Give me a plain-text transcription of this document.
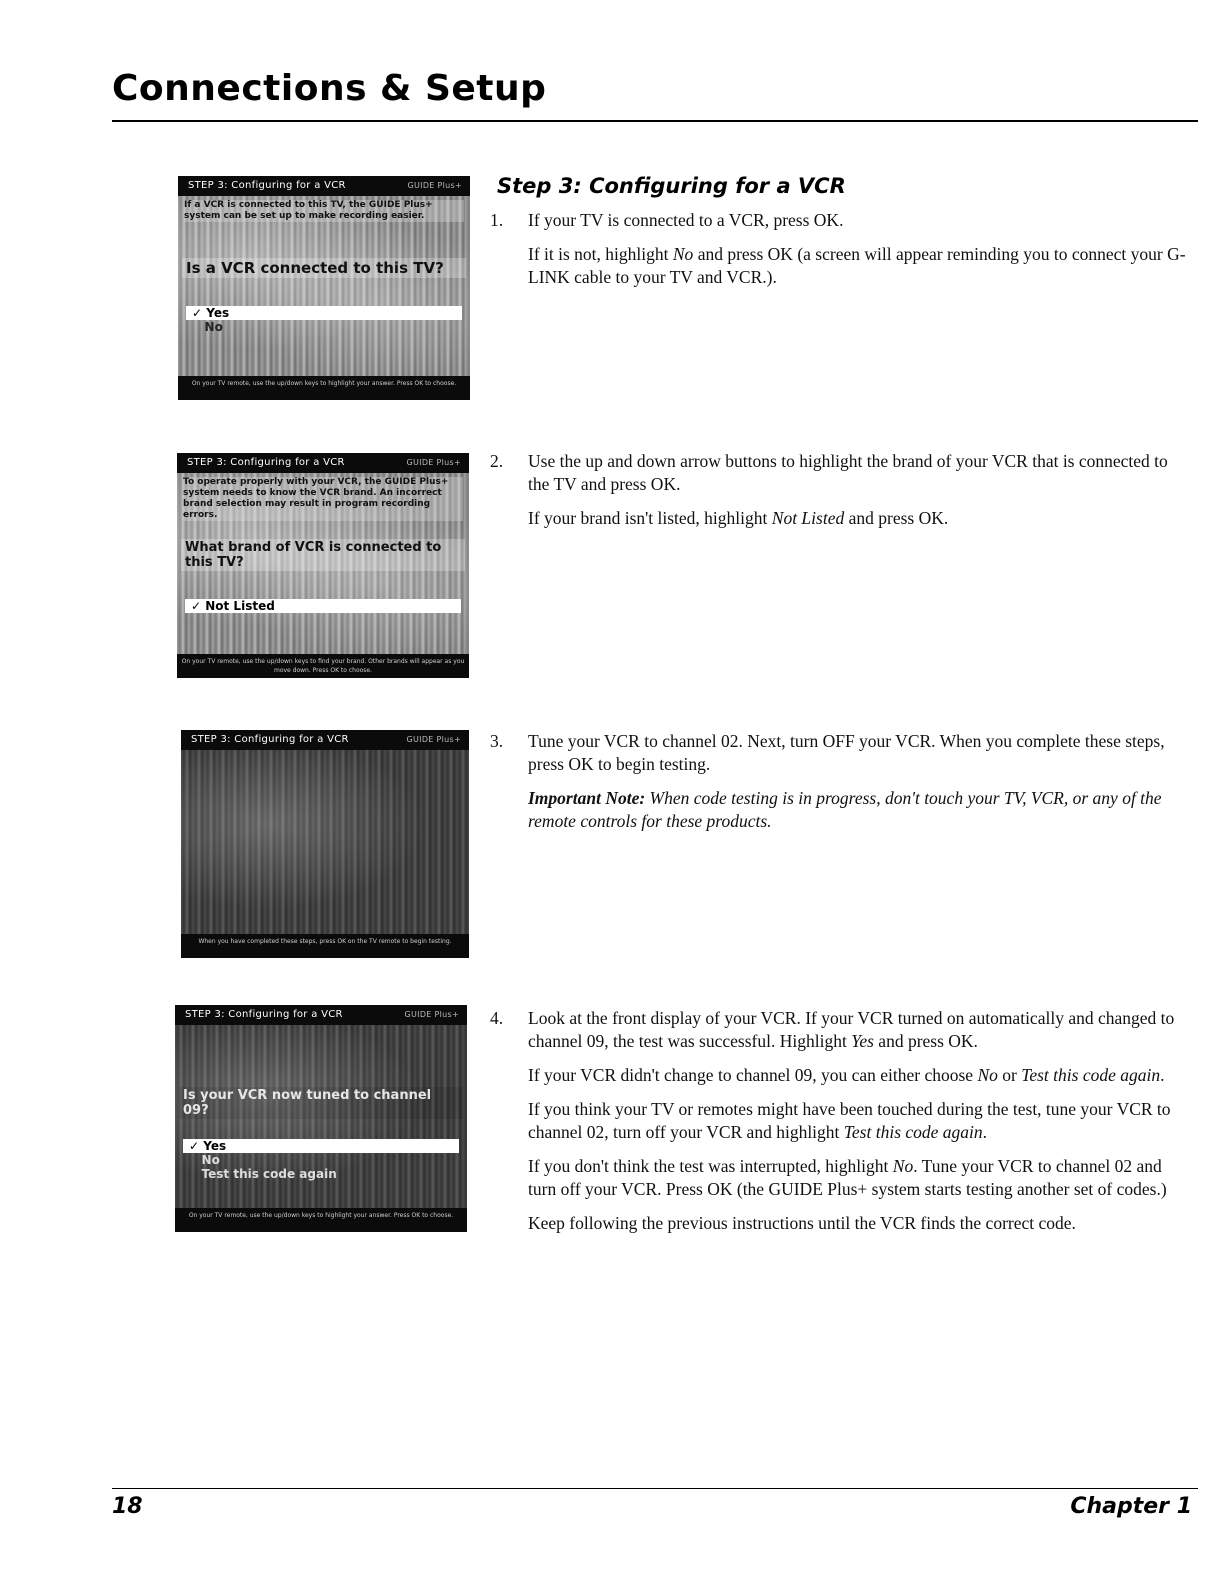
Connections & Setup
STEP 3: Configuring for a VCR	GUIDE Plus+
If a VCR is connected to this TV, the GUIDE Plus+ system can be set up to make recording easier.
Is a VCR connected to this TV?
✓ Yes
No
On your TV remote, use the up/down keys to highlight your answer. Press OK to choose.
STEP 3: Configuring for a VCR	GUIDE Plus+
To operate properly with your VCR, the GUIDE Plus+ system needs to know the VCR brand. An incorrect brand selection may result in program recording errors.
What brand of VCR is connected to this TV?
✓ Not Listed
On your TV remote, use the up/down keys to find your brand. Other brands will appear as you move down. Press OK to choose.
STEP 3: Configuring for a VCR	GUIDE Plus+
When you have completed these steps, press OK on the TV remote to begin testing.
STEP 3: Configuring for a VCR	GUIDE Plus+
Is your VCR now tuned to channel 09?
✓ Yes
No
Test this code again
On your TV remote, use the up/down keys to highlight your answer. Press OK to choose.
Step 3: Configuring for a VCR
1. If your TV is connected to a VCR, press OK.

If it is not, highlight No and press OK (a screen will appear reminding you to connect your G-LINK cable to your TV and VCR.).

2. Use the up and down arrow buttons to highlight the brand of your VCR that is connected to the TV and press OK.

If your brand isn't listed, highlight Not Listed and press OK.

3. Tune your VCR to channel 02. Next, turn OFF your VCR. When you complete these steps, press OK to begin testing.

Important Note: When code testing is in progress, don't touch your TV, VCR, or any of the remote controls for these products.

4. Look at the front display of your VCR. If your VCR turned on automatically and changed to channel 09, the test was successful. Highlight Yes and press OK.

If your VCR didn't change to channel 09, you can either choose No or Test this code again.

If you think your TV or remotes might have been touched during the test, tune your VCR to channel 02, turn off your VCR and highlight Test this code again.

If you don't think the test was interrupted, highlight No. Tune your VCR to channel 02 and turn off your VCR. Press OK (the GUIDE Plus+ system starts testing another set of codes.)

Keep following the previous instructions until the VCR finds the correct code.

18	Chapter 1
